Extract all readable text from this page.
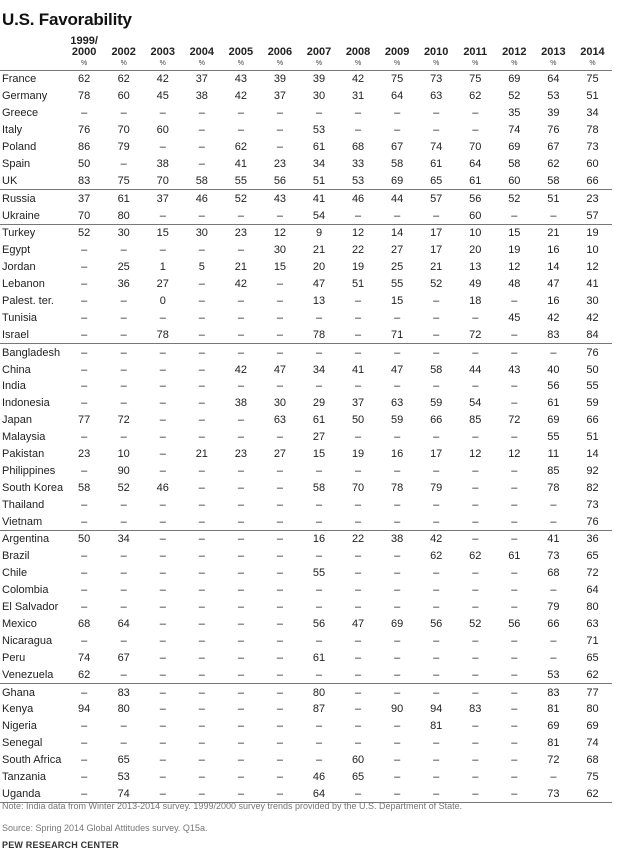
U.S. Favorability
	1999/
2000	2002	2003	2004	2005	2006	2007	2008	2009	2010	2011	2012	2013	2014
	%	%	%	%	%	%	%	%	%	%	%	%	%	%
France	62	62	42	37	43	39	39	42	75	73	75	69	64	75
Germany	78	60	45	38	42	37	30	31	64	63	62	52	53	51
Greece	–	–	–	–	–	–	–	–	–	–	–	35	39	34
Italy	76	70	60	–	–	–	53	–	–	–	–	74	76	78
Poland	86	79	–	–	62	–	61	68	67	74	70	69	67	73
Spain	50	–	38	–	41	23	34	33	58	61	64	58	62	60
UK	83	75	70	58	55	56	51	53	69	65	61	60	58	66
Russia	37	61	37	46	52	43	41	46	44	57	56	52	51	23
Ukraine	70	80	–	–	–	–	54	–	–	–	60	–	–	57
Turkey	52	30	15	30	23	12	9	12	14	17	10	15	21	19
Egypt	–	–	–	–	–	30	21	22	27	17	20	19	16	10
Jordan	–	25	1	5	21	15	20	19	25	21	13	12	14	12
Lebanon	–	36	27	–	42	–	47	51	55	52	49	48	47	41
Palest. ter.	–	–	0	–	–	–	13	–	15	–	18	–	16	30
Tunisia	–	–	–	–	–	–	–	–	–	–	–	45	42	42
Israel	–	–	78	–	–	–	78	–	71	–	72	–	83	84
Bangladesh	–	–	–	–	–	–	–	–	–	–	–	–	–	76
China	–	–	–	–	42	47	34	41	47	58	44	43	40	50
India	–	–	–	–	–	–	–	–	–	–	–	–	56	55
Indonesia	–	–	–	–	38	30	29	37	63	59	54	–	61	59
Japan	77	72	–	–	–	63	61	50	59	66	85	72	69	66
Malaysia	–	–	–	–	–	–	27	–	–	–	–	–	55	51
Pakistan	23	10	–	21	23	27	15	19	16	17	12	12	11	14
Philippines	–	90	–	–	–	–	–	–	–	–	–	–	85	92
South Korea	58	52	46	–	–	–	58	70	78	79	–	–	78	82
Thailand	–	–	–	–	–	–	–	–	–	–	–	–	–	73
Vietnam	–	–	–	–	–	–	–	–	–	–	–	–	–	76
Argentina	50	34	–	–	–	–	16	22	38	42	–	–	41	36
Brazil	–	–	–	–	–	–	–	–	–	62	62	61	73	65
Chile	–	–	–	–	–	–	55	–	–	–	–	–	68	72
Colombia	–	–	–	–	–	–	–	–	–	–	–	–	–	64
El Salvador	–	–	–	–	–	–	–	–	–	–	–	–	79	80
Mexico	68	64	–	–	–	–	56	47	69	56	52	56	66	63
Nicaragua	–	–	–	–	–	–	–	–	–	–	–	–	–	71
Peru	74	67	–	–	–	–	61	–	–	–	–	–	–	65
Venezuela	62	–	–	–	–	–	–	–	–	–	–	–	53	62
Ghana	–	83	–	–	–	–	80	–	–	–	–	–	83	77
Kenya	94	80	–	–	–	–	87	–	90	94	83	–	81	80
Nigeria	–	–	–	–	–	–	–	–	–	81	–	–	69	69
Senegal	–	–	–	–	–	–	–	–	–	–	–	–	81	74
South Africa	–	65	–	–	–	–	–	60	–	–	–	–	72	68
Tanzania	–	53	–	–	–	–	46	65	–	–	–	–	–	75
Uganda	–	74	–	–	–	–	64	–	–	–	–	–	73	62
Note: India data from Winter 2013-2014 survey. 1999/2000 survey trends provided by the U.S. Department of State.
Source: Spring 2014 Global Attitudes survey. Q15a.
PEW RESEARCH CENTER
